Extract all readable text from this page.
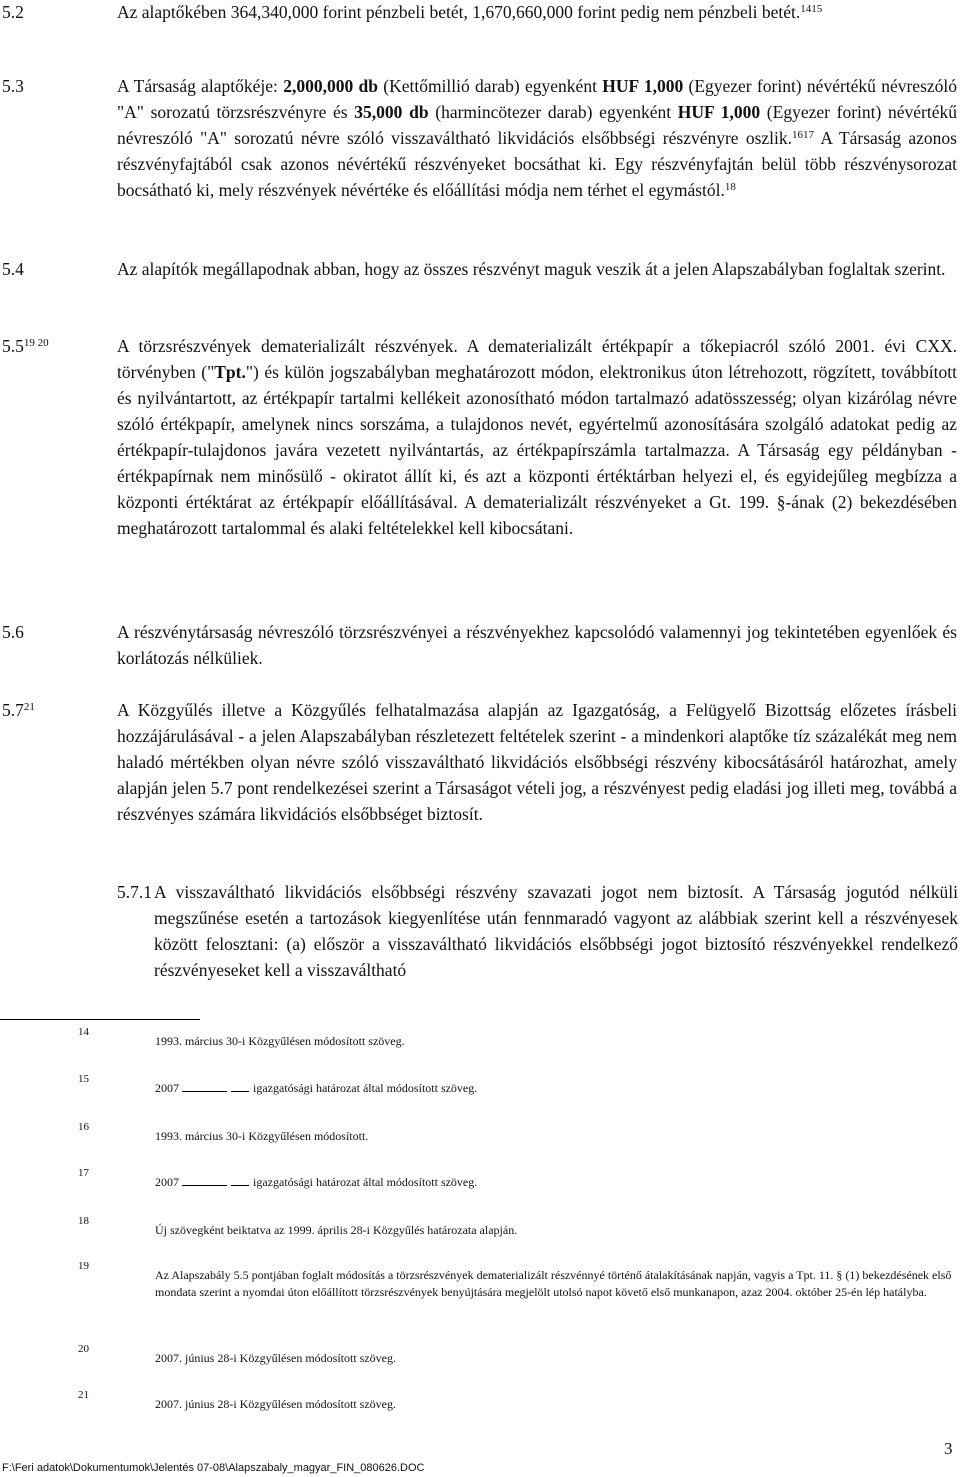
5.2	Az alaptőkében 364,340,000 forint pénzbeli betét, 1,670,660,000 forint pedig nem pénzbeli betét.$^{1415}$
5.3	A Társaság alaptőkéje: 2,000,000 db (Kettőmillió darab) egyenként HUF 1,000 (Egyezer forint) névértékű névreszóló "A" sorozatú törzsrészvényre és 35,000 db (harmincötezer darab) egyenként HUF 1,000 (Egyezer forint) névértékű névreszóló "A" sorozatú névre szóló visszaváltható likvidációs elsőbbségi részvényre oszlik.$^{1617}$ A Társaság azonos részvényfajtából csak azonos névértékű részvényeket bocsáthat ki. Egy részvényfajtán belül több részvénysorozat bocsátható ki, mely részvények névértéke és előállítási módja nem térhet el egymástól.$^{18}$
5.4	Az alapítók megállapodnak abban, hogy az összes részvényt maguk veszik át a jelen Alapszabályban foglaltak szerint.
$5.5^{19 20}$	A törzsrészvények dematerializált részvények. A dematerializált értékpapír a tőkepiacról szóló 2001. évi CXX. törvényben ("Tpt.") és külön jogszabályban meghatározott módon, elektronikus úton létrehozott, rögzített, továbbított és nyilvántartott, az értékpapír tartalmi kellékeit azonosítható módon tartalmazó adatösszesség; olyan kizárólag névre szóló értékpapír, amelynek nincs sorszáma, a tulajdonos nevét, egyértelmű azonosítására szolgáló adatokat pedig az értékpapír-tulajdonos javára vezetett nyilvántartás, az értékpapírszámla tartalmazza. A Társaság egy példányban - értékpapírnak nem minősülő - okiratot állít ki, és azt a központi értéktárban helyezi el, és egyidejűleg megbízza a központi értéktárat az értékpapír előállításával. A dematerializált részvényeket a Gt. 199. §-ának (2) bekezdésében meghatározott tartalommal és alaki feltételekkel kell kibocsátani.
5.6	A részvénytársaság névreszóló törzsrészvényei a részvényekhez kapcsolódó valamennyi jog tekintetében egyenlőek és korlátozás nélküliek.
$5.7^{21}$	A Közgyűlés illetve a Közgyűlés felhatalmazása alapján az Igazgatóság, a Felügyelő Bizottság előzetes írásbeli hozzájárulásával - a jelen Alapszabályban részletezett feltételek szerint - a mindenkori alaptőke tíz százalékát meg nem haladó mértékben olyan névre szóló visszaváltható likvidációs elsőbbségi részvény kibocsátásáról határozhat, amely alapján jelen 5.7 pont rendelkezései szerint a Társaságot vételi jog, a részvényest pedig eladási jog illeti meg, továbbá a részvényes számára likvidációs elsőbbséget biztosít.
5.7.1 A visszaváltható likvidációs elsőbbségi részvény szavazati jogot nem biztosít. A Társaság jogutód nélküli megszűnése esetén a tartozások kiegyenlítése után fennmaradó vagyont az alábbiak szerint kell a részvényesek között felosztani: (a) először a visszaváltható likvidációs elsőbbségi jogot biztosító részvényekkel rendelkező részvényeseket kell a visszaváltható
14
1993. március 30-i Közgyűlésen módosított szöveg.
15
2007	igazgatósági határozat által módosított szöveg.
16
1993. március 30-i Közgyűlésen módosított.
17
2007	igazgatósági határozat által módosított szöveg.
18
Új szövegként beiktatva az 1999. április 28-i Közgyűlés határozata alapján.
19
Az Alapszabály 5.5 pontjában foglalt módosítás a törzsrészvények dematerializált részvénnyé történő átalakításának napján, vagyis a Tpt. 11. § (1) bekezdésének első mondata szerint a nyomdai úton előállított törzsrészvények benyújtására megjelölt utolsó napot követő első munkanapon, azaz 2004. október 25-én lép hatályba.
20
2007. június 28-i Közgyűlésen módosított szöveg.
21
2007. június 28-i Közgyűlésen módosított szöveg.
3
F:\Feri adatok\Dokumentumok\Jelentés 07-08\Alapszabaly_magyar_FIN_080626.DOC
